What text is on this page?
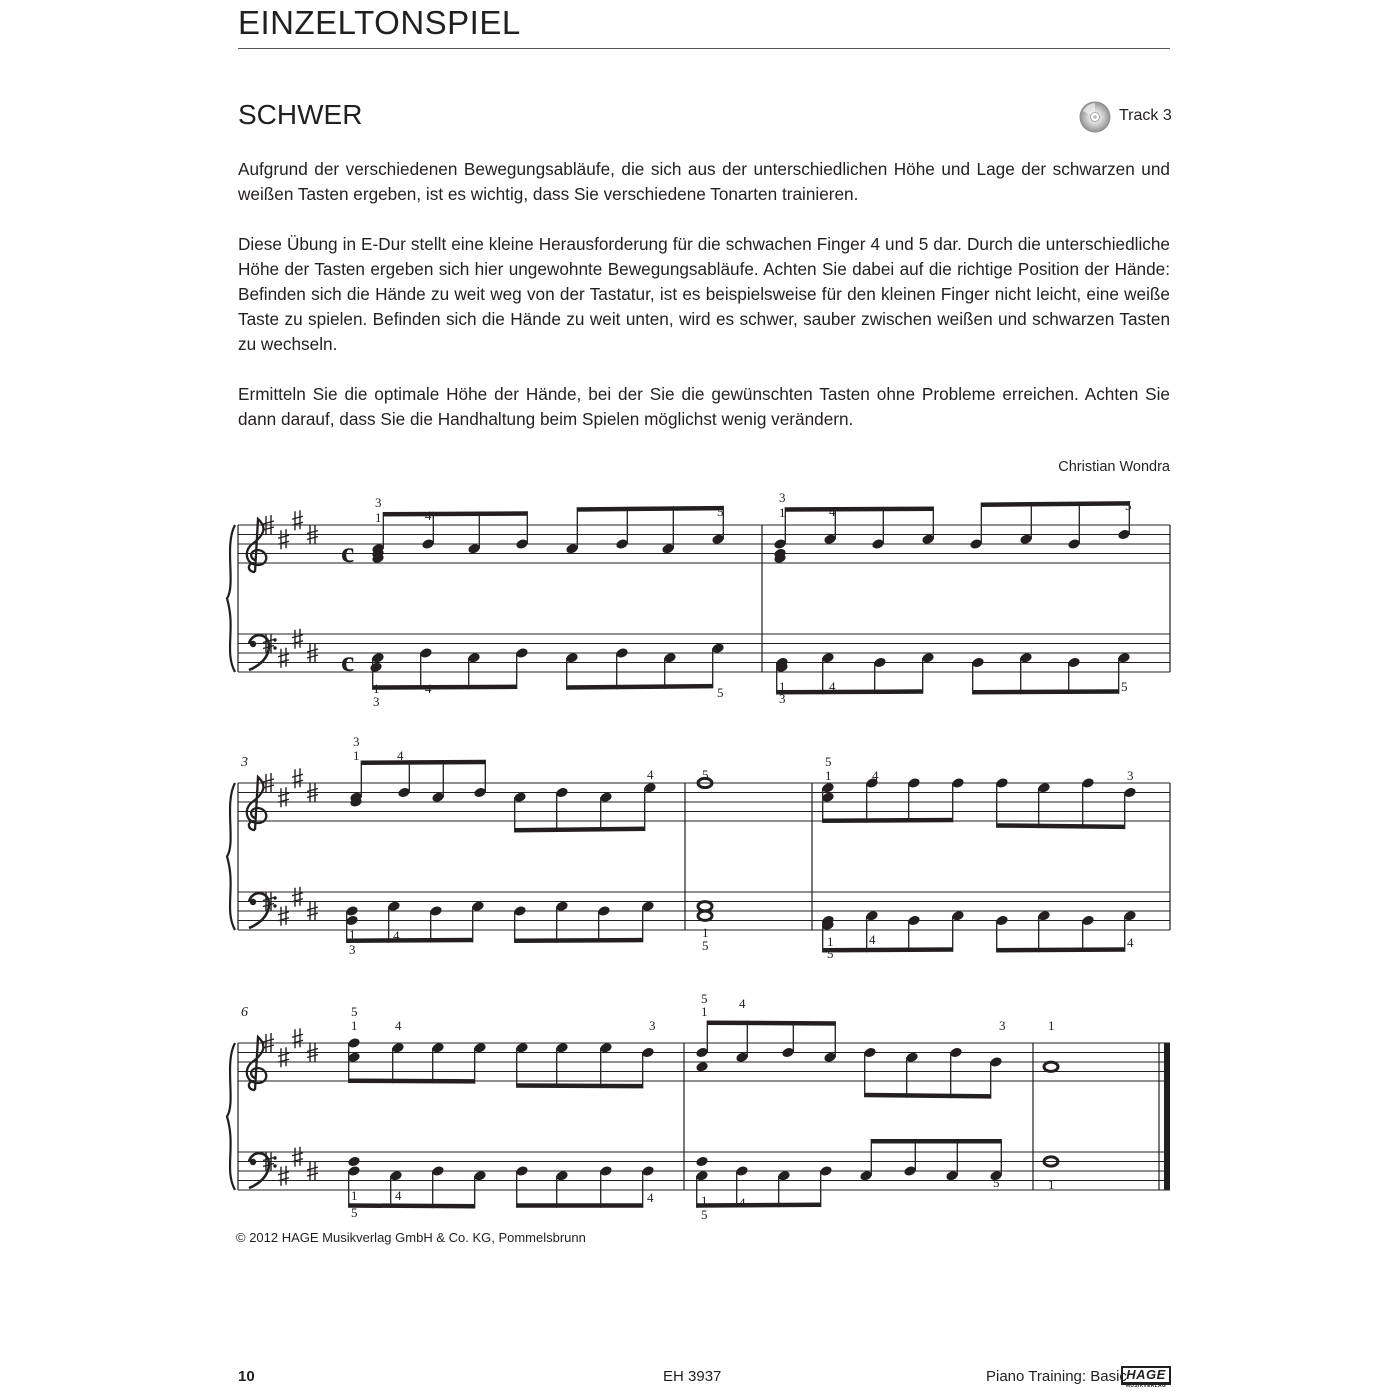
EINZELTONSPIEL
SCHWER	Track 3

Aufgrund der verschiedenen Bewegungsabläufe, die sich aus der unterschiedlichen Höhe und Lage der schwarzen und weißen Tasten ergeben, ist es wichtig, dass Sie verschiedene Tonarten trainieren.

Diese Übung in E-Dur stellt eine kleine Herausforderung für die schwachen Finger 4 und 5 dar. Durch die unterschiedliche Höhe der Tasten ergeben sich hier ungewohnte Bewegungsabläufe. Achten Sie dabei auf die richtige Position der Hände: Befinden sich die Hände zu weit weg von der Tastatur, ist es beispielsweise für den kleinen Finger nicht leicht, eine weiße Taste zu spielen. Befinden sich die Hände zu weit unten, wird es schwer, sauber zwischen weißen und schwarzen Tasten zu wechseln.

Ermitteln Sie die optimale Höhe der Hände, bei der Sie die gewünschten Tasten ohne Probleme erreichen. Achten Sie dann darauf, dass Sie die Handhaltung beim Spielen möglichst wenig verändern.

Christian Wondra
c
c
3
1	4	5
3
1	4	5
1
3
4	5	1
3
4	5
3
3
1	4
4	5
5
1	4	3
1
3
4	1
5	1
5
4	4
6	5
1	4	3
5
1
4
3	1
1
5
4	4	1
5
4
5	1
© 2012 HAGE Musikverlag GmbH & Co. KG, Pommelsbrunn
10	EH 3937	Piano Training: Basic HAGE
MUSIKVERLAG
